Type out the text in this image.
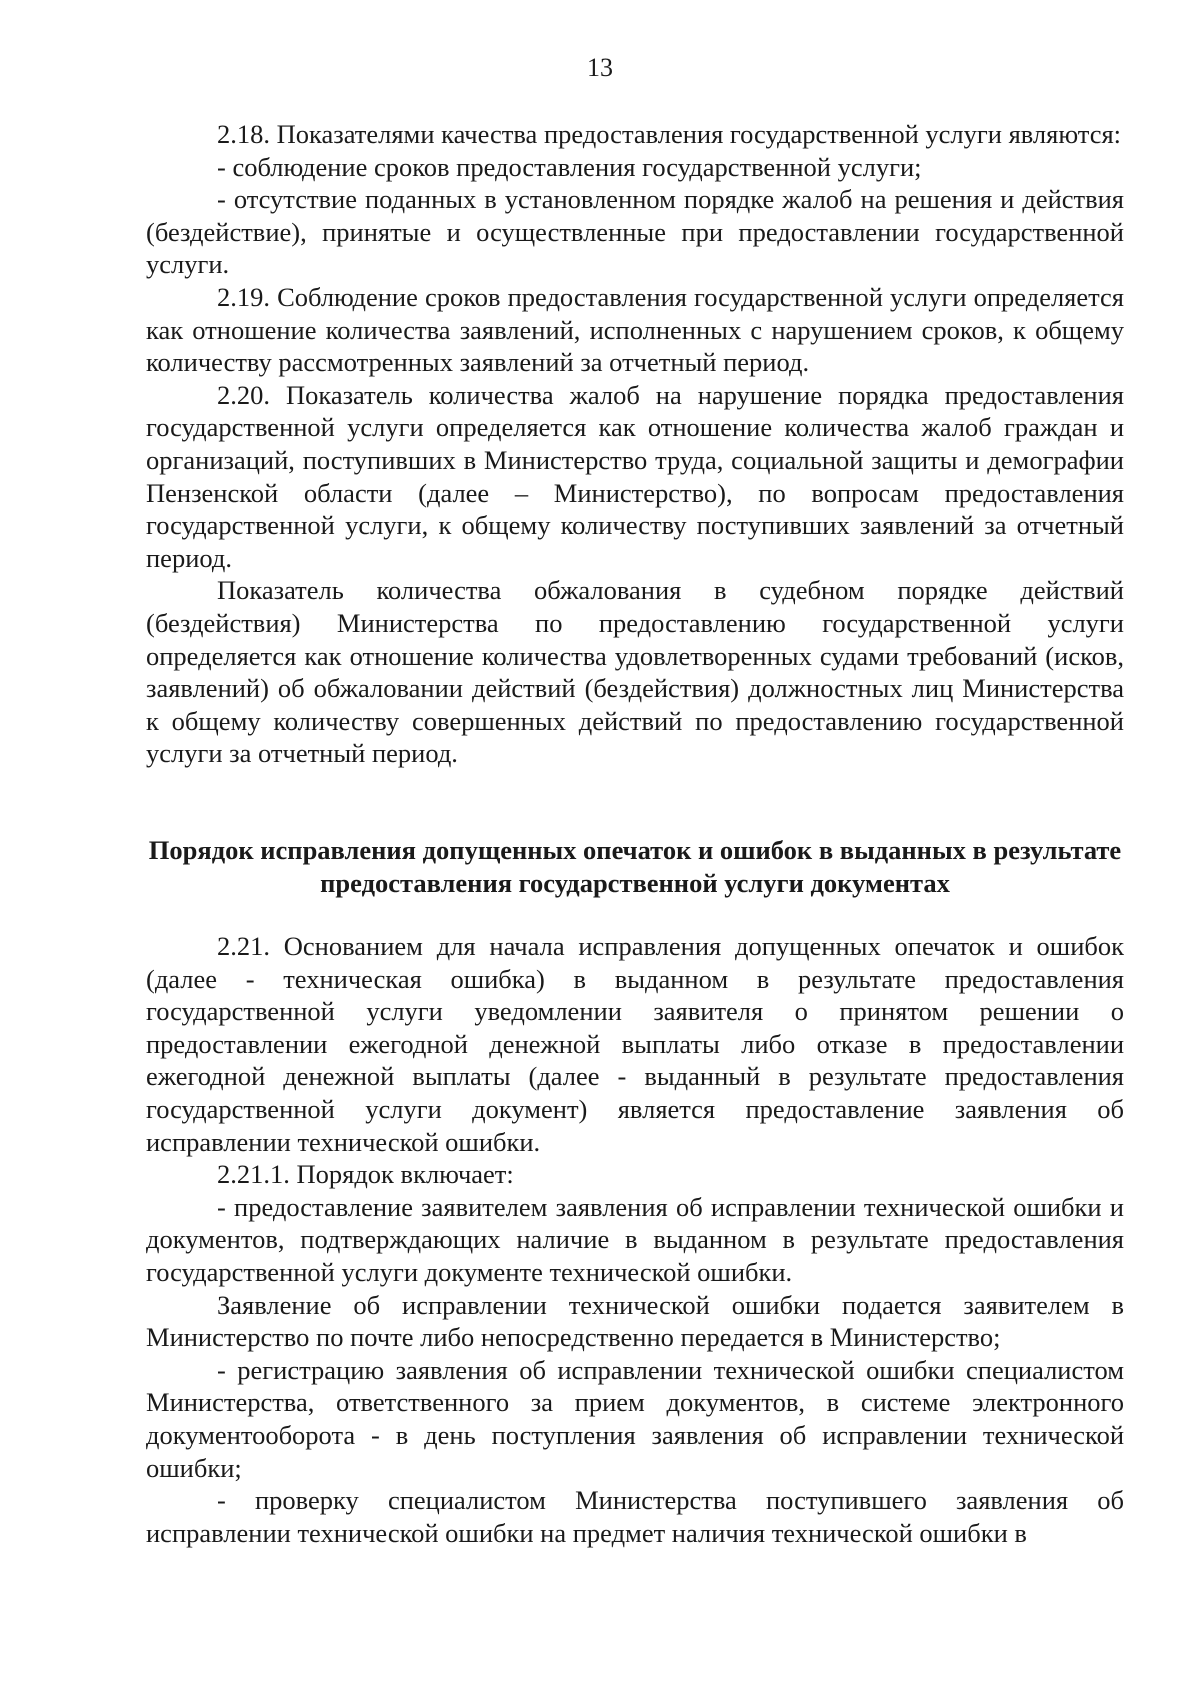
13

2.18. Показателями качества предоставления государственной услуги являются:

- соблюдение сроков предоставления государственной услуги;

- отсутствие поданных в установленном порядке жалоб на решения и действия (бездействие), принятые и осуществленные при предоставлении государственной услуги.

2.19. Соблюдение сроков предоставления государственной услуги определяется как отношение количества заявлений, исполненных с нарушением сроков, к общему количеству рассмотренных заявлений за отчетный период.

2.20. Показатель количества жалоб на нарушение порядка предоставления государственной услуги определяется как отношение количества жалоб граждан и организаций, поступивших в Министерство труда, социальной защиты и демографии Пензенской области (далее – Министерство), по вопросам предоставления государственной услуги, к общему количеству поступивших заявлений за отчетный период.

Показатель количества обжалования в судебном порядке действий (бездействия) Министерства по предоставлению государственной услуги определяется как отношение количества удовлетворенных судами требований (исков, заявлений) об обжаловании действий (бездействия) должностных лиц Министерства к общему количеству совершенных действий по предоставлению государственной услуги за отчетный период.

Порядок исправления допущенных опечаток и ошибок в выданных в результате предоставления государственной услуги документах

2.21. Основанием для начала исправления допущенных опечаток и ошибок (далее - техническая ошибка) в выданном в результате предоставления государственной услуги уведомлении заявителя о принятом решении о предоставлении ежегодной денежной выплаты либо отказе в предоставлении ежегодной денежной выплаты (далее - выданный в результате предоставления государственной услуги документ) является предоставление заявления об исправлении технической ошибки.

2.21.1. Порядок включает:

- предоставление заявителем заявления об исправлении технической ошибки и документов, подтверждающих наличие в выданном в результате предоставления государственной услуги документе технической ошибки.

Заявление об исправлении технической ошибки подается заявителем в Министерство по почте либо непосредственно передается в Министерство;

- регистрацию заявления об исправлении технической ошибки специалистом Министерства, ответственного за прием документов, в системе электронного документооборота - в день поступления заявления об исправлении технической ошибки;

- проверку специалистом Министерства поступившего заявления об исправлении технической ошибки на предмет наличия технической ошибки в
